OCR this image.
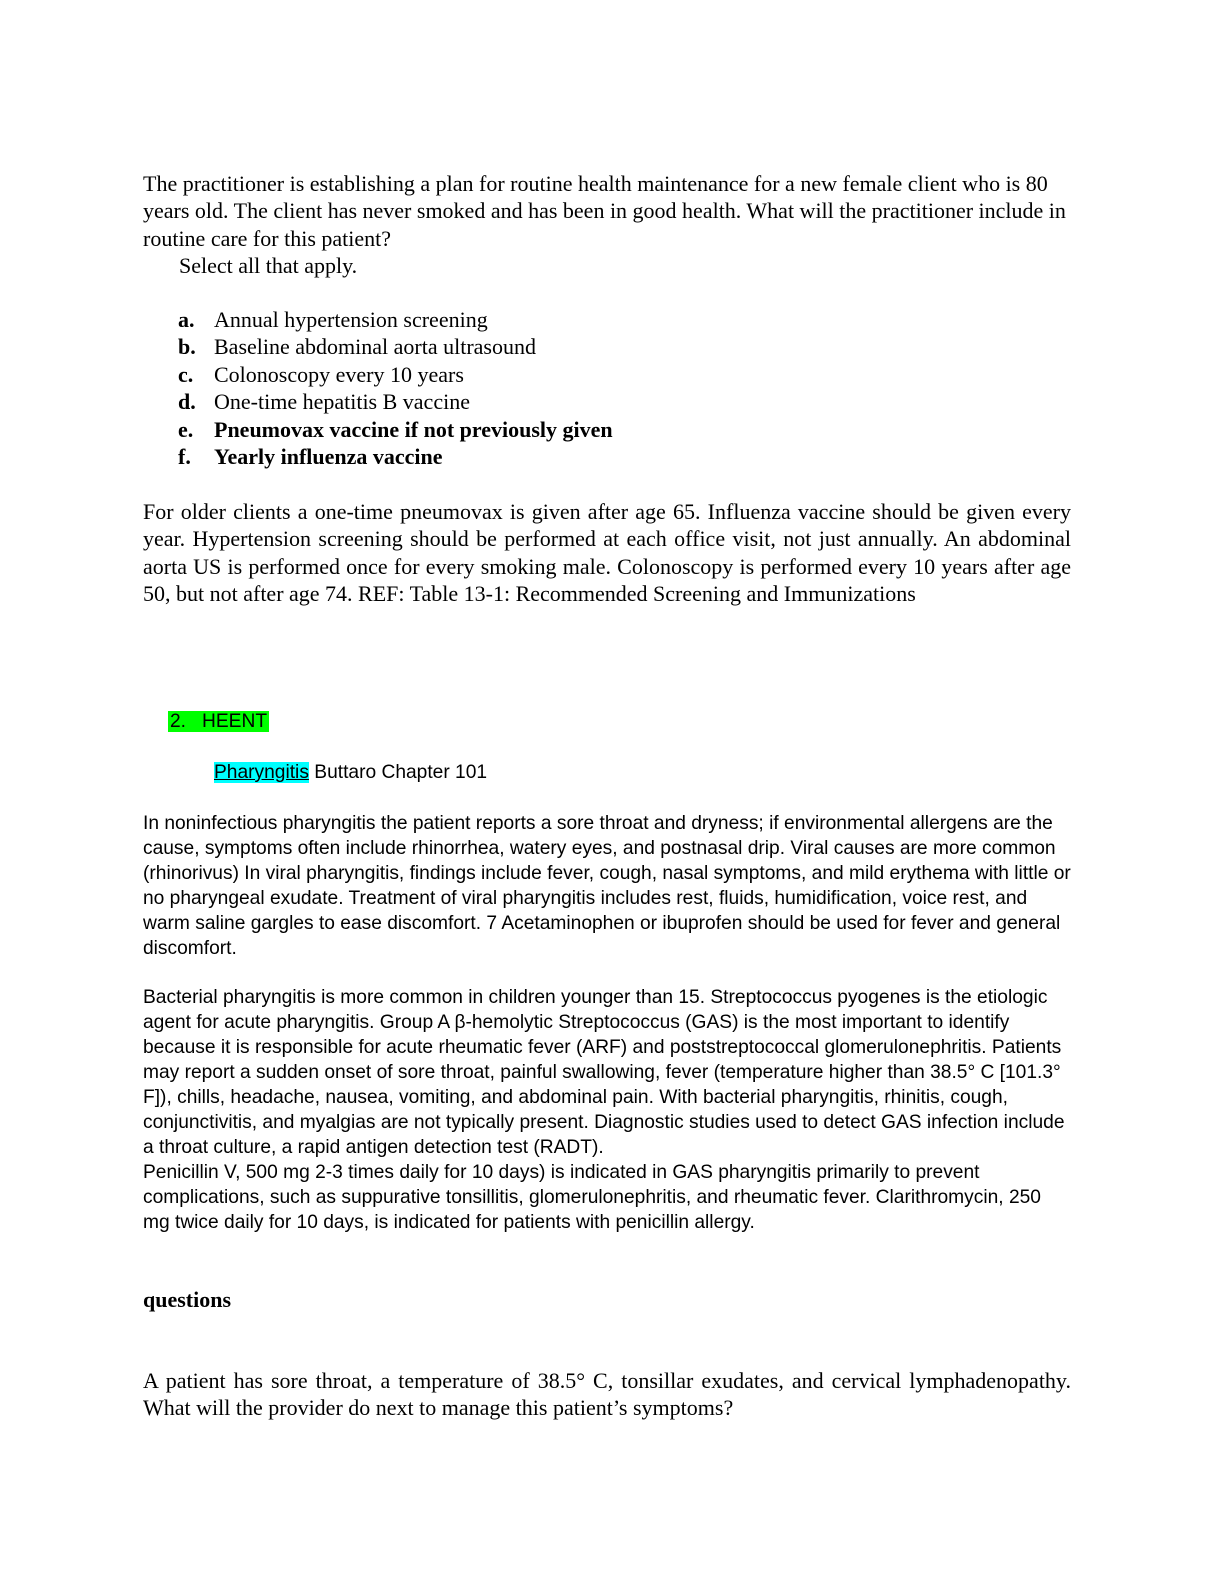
The practitioner is establishing a plan for routine health maintenance for a new female client who is 80 years old. The client has never smoked and has been in good health. What will the practitioner include in routine care for this patient?

Select all that apply.

a. Annual hypertension screening
b. Baseline abdominal aorta ultrasound
c. Colonoscopy every 10 years
d. One-time hepatitis B vaccine
e. Pneumovax vaccine if not previously given
f. Yearly influenza vaccine

For older clients a one-time pneumovax is given after age 65. Influenza vaccine should be given every year. Hypertension screening should be performed at each office visit, not just annually. An abdominal aorta US is performed once for every smoking male. Colonoscopy is performed every 10 years after age 50, but not after age 74. REF: Table 13-1: Recommended Screening and Immunizations

2. HEENT

Pharyngitis Buttaro Chapter 101

In noninfectious pharyngitis the patient reports a sore throat and dryness; if environmental allergens are the cause, symptoms often include rhinorrhea, watery eyes, and postnasal drip. Viral causes are more common (rhinorivus) In viral pharyngitis, findings include fever, cough, nasal symptoms, and mild erythema with little or no pharyngeal exudate. Treatment of viral pharyngitis includes rest, fluids, humidification, voice rest, and warm saline gargles to ease discomfort. 7 Acetaminophen or ibuprofen should be used for fever and general discomfort.

Bacterial pharyngitis is more common in children younger than 15. Streptococcus pyogenes is the etiologic agent for acute pharyngitis. Group A β-hemolytic Streptococcus (GAS) is the most important to identify because it is responsible for acute rheumatic fever (ARF) and poststreptococcal glomerulonephritis. Patients may report a sudden onset of sore throat, painful swallowing, fever (temperature higher than 38.5° C [101.3° F]), chills, headache, nausea, vomiting, and abdominal pain. With bacterial pharyngitis, rhinitis, cough, conjunctivitis, and myalgias are not typically present. Diagnostic studies used to detect GAS infection include a throat culture, a rapid antigen detection test (RADT).
Penicillin V, 500 mg 2-3 times daily for 10 days) is indicated in GAS pharyngitis primarily to prevent complications, such as suppurative tonsillitis, glomerulonephritis, and rheumatic fever. Clarithromycin, 250 mg twice daily for 10 days, is indicated for patients with penicillin allergy.

questions

A patient has sore throat, a temperature of 38.5° C, tonsillar exudates, and cervical lymphadenopathy. What will the provider do next to manage this patient’s symptoms?
